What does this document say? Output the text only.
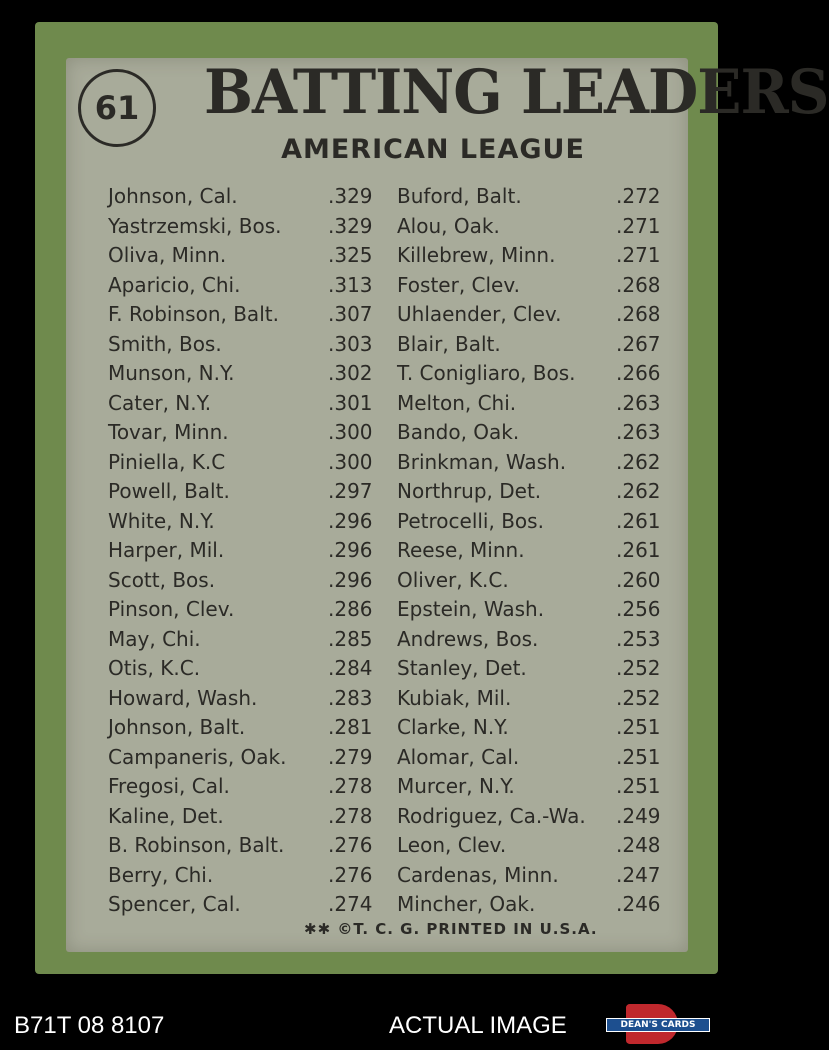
61 BATTING LEADERS
AMERICAN LEAGUE
Johnson, Cal.	.329 Buford, Balt.	.272
Yastrzemski, Bos. .329 Alou, Oak.	.271
Oliva, Minn.	.325 Killebrew, Minn.	.271
Aparicio, Chi.	.313 Foster, Clev.	.268
F. Robinson, Balt. .307 Uhlaender, Clev.	.268
Smith, Bos.	.303 Blair, Balt.	.267
Munson, N.Y.	.302 T. Conigliaro, Bos. .266
Cater, N.Y.	.301 Melton, Chi.	.263
Tovar, Minn.	.300 Bando, Oak.	.263
Piniella, K.C	.300 Brinkman, Wash. .262
Powell, Balt.	.297 Northrup, Det.	.262
White, N.Y.	.296 Petrocelli, Bos.	.261
Harper, Mil.	.296 Reese, Minn.	.261
Scott, Bos.	.296 Oliver, K.C.	.260
Pinson, Clev.	.286 Epstein, Wash.	.256
May, Chi.	.285 Andrews, Bos.	.253
Otis, K.C.	.284 Stanley, Det.	.252
Howard, Wash.	.283 Kubiak, Mil.	.252
Johnson, Balt.	.281 Clarke, N.Y.	.251
Campaneris, Oak. .279 Alomar, Cal.	.251
Fregosi, Cal.	.278 Murcer, N.Y.	.251
Kaline, Det.	.278 Rodriguez, Ca.-Wa. .249
B. Robinson, Balt. .276 Leon, Clev.	.248
Berry, Chi.	.276 Cardenas, Minn.	.247
Spencer, Cal.	.274 Mincher, Oak.	.246
✱✱ ©T. C. G. PRINTED IN U.S.A.
B71T 08 8107	ACTUAL IMAGE	DEAN'S CARDS
